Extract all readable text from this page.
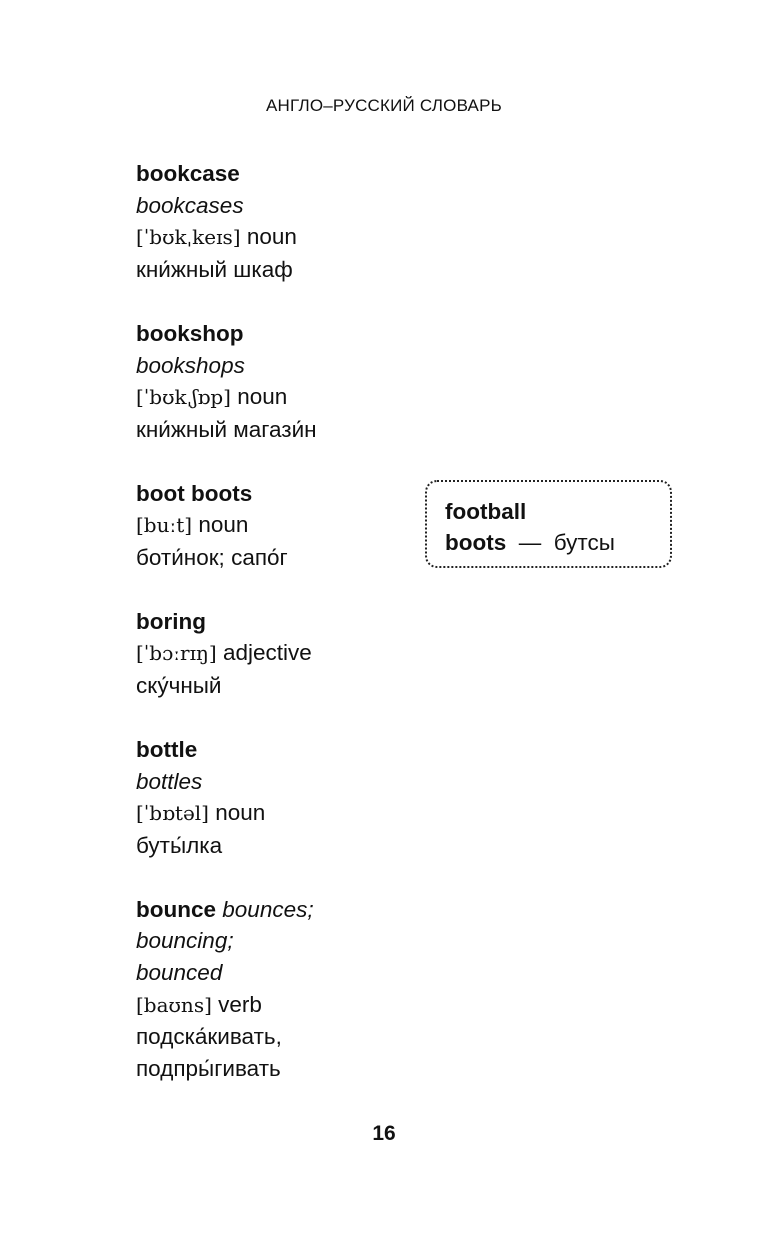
АНГЛО–РУССКИЙ СЛОВАРЬ
bookcase
bookcases
[ˈbʊkˌkeɪs] noun
кни́жный шкаф
bookshop
bookshops
[ˈbʊkˌʃɒp] noun
кни́жный магази́н
boot boots
[buːt] noun
боти́нок; сапо́г
boring
[ˈbɔːrɪŋ] adjective
ску́чный
bottle
bottles
[ˈbɒtəl] noun
буты́лка
bounce bounces;
bouncing;
bounced
[baʊns] verb
подска́кивать,
подпры́гивать
football
boots — бутсы
16
